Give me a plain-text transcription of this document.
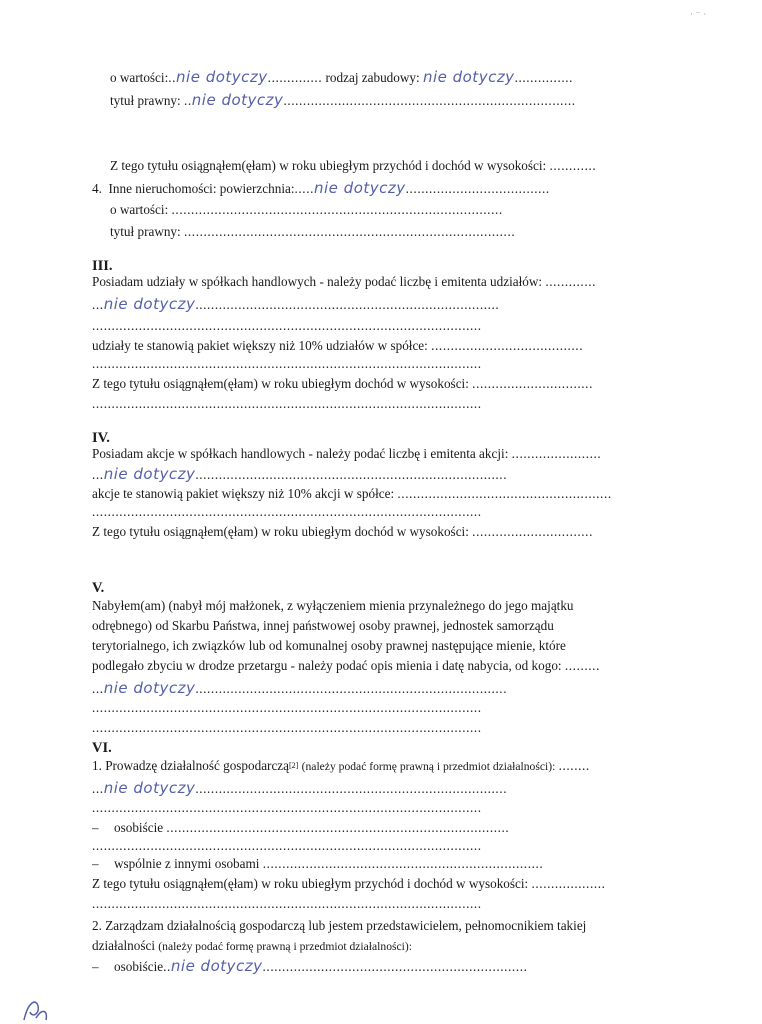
· ⁻ ·
o wartości:..nie dotyczy.............. rodzaj zabudowy: nie dotyczy...............
tytuł prawny: ..nie dotyczy...........................................................................
Z tego tytułu osiągnąłem(ęłam) w roku ubiegłym przychód i dochód w wysokości: ............
4. Inne nieruchomości: powierzchnia:.....nie dotyczy.....................................
o wartości: .....................................................................................
tytuł prawny: .....................................................................................
III.
Posiadam udziały w spółkach handlowych - należy podać liczbę i emitenta udziałów: .............
...nie dotyczy..............................................................................
....................................................................................................
udziały te stanowią pakiet większy niż 10% udziałów w spółce: .......................................
....................................................................................................
Z tego tytułu osiągnąłem(ęłam) w roku ubiegłym dochód w wysokości: ...............................
....................................................................................................
IV.
Posiadam akcje w spółkach handlowych - należy podać liczbę i emitenta akcji: .......................
...nie dotyczy................................................................................
akcje te stanowią pakiet większy niż 10% akcji w spółce: .......................................................
....................................................................................................
Z tego tytułu osiągnąłem(ęłam) w roku ubiegłym dochód w wysokości: ...............................
V.
Nabyłem(am) (nabył mój małżonek, z wyłączeniem mienia przynależnego do jego majątku
odrębnego) od Skarbu Państwa, innej państwowej osoby prawnej, jednostek samorządu
terytorialnego, ich związków lub od komunalnej osoby prawnej następujące mienie, które
podlegało zbyciu w drodze przetargu - należy podać opis mienia i datę nabycia, od kogo: .........
...nie dotyczy................................................................................
....................................................................................................
....................................................................................................
VI.
1. Prowadzę działalność gospodarczą[2] (należy podać formę prawną i przedmiot działalności): ........
...nie dotyczy................................................................................
....................................................................................................
– osobiście ........................................................................................
....................................................................................................
– wspólnie z innymi osobami ........................................................................
Z tego tytułu osiągnąłem(ęłam) w roku ubiegłym przychód i dochód w wysokości: ...................
....................................................................................................
2. Zarządzam działalnością gospodarczą lub jestem przedstawicielem, pełnomocnikiem takiej
działalności (należy podać formę prawną i przedmiot działalności):
– osobiście..nie dotyczy....................................................................
